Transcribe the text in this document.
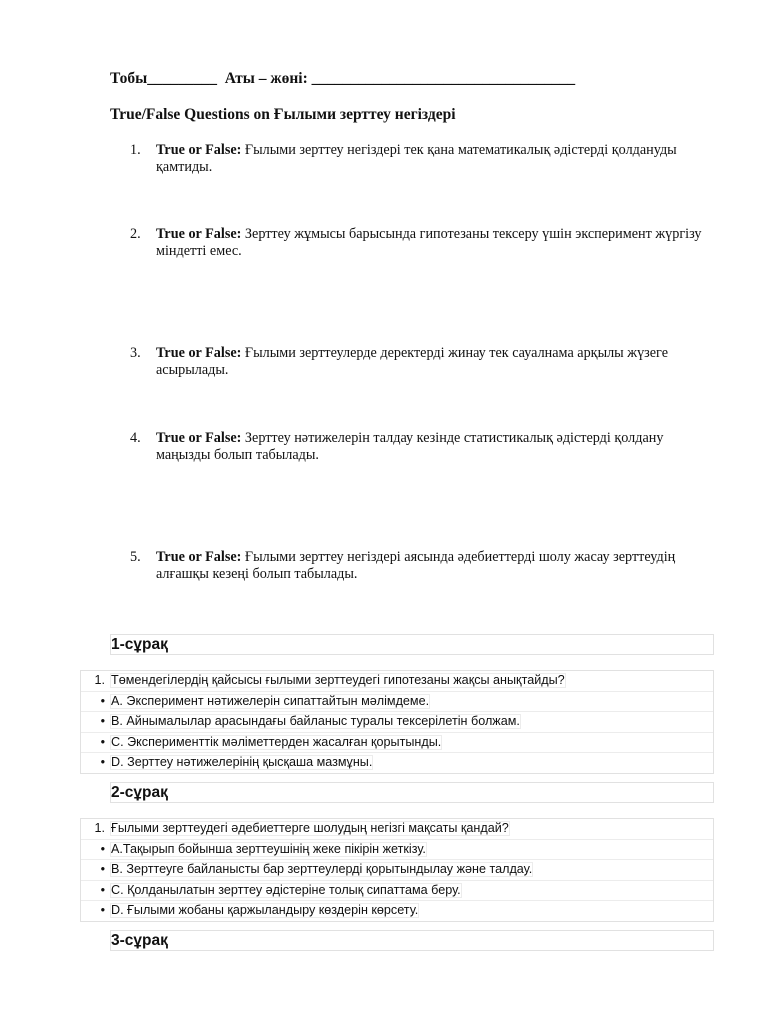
Тобы_________  Аты – жөні: __________________________________
True/False Questions on Ғылыми зерттеу негіздері
1. True or False: Ғылыми зерттеу негіздері тек қана математикалық әдістерді қолдануды қамтиды.
2. True or False: Зерттеу жұмысы барысында гипотезаны тексеру үшін эксперимент жүргізу міндетті емес.
3. True or False: Ғылыми зерттеулерде деректерді жинау тек сауалнама арқылы жүзеге асырылады.
4. True or False: Зерттеу нәтижелерін талдау кезінде статистикалық әдістерді қолдану маңызды болып табылады.
5. True or False: Ғылыми зерттеу негіздері аясында әдебиеттерді шолу жасау зерттеудің алғашқы кезеңі болып табылады.
1-сұрақ
1. Төмендегілердің қайсысы ғылыми зерттеудегі гипотезаны жақсы анықтайды?
• A. Эксперимент нәтижелерін сипаттайтын мәлімдеме.
• B. Айнымалылар арасындағы байланыс туралы тексерілетін болжам.
• C. Эксперименттік мәліметтерден жасалған қорытынды.
• D. Зерттеу нәтижелерінің қысқаша мазмұны.
2-сұрақ
1. Ғылыми зерттеудегі әдебиеттерге шолудың негізгі мақсаты қандай?
• A.Тақырып бойынша зерттеушінің жеке пікірін жеткізу.
• B. Зерттеуге байланысты бар зерттеулерді қорытындылау және талдау.
• C. Қолданылатын зерттеу әдістеріне толық сипаттама беру.
• D. Ғылыми жобаны қаржыландыру көздерін көрсету.
3-сұрақ
